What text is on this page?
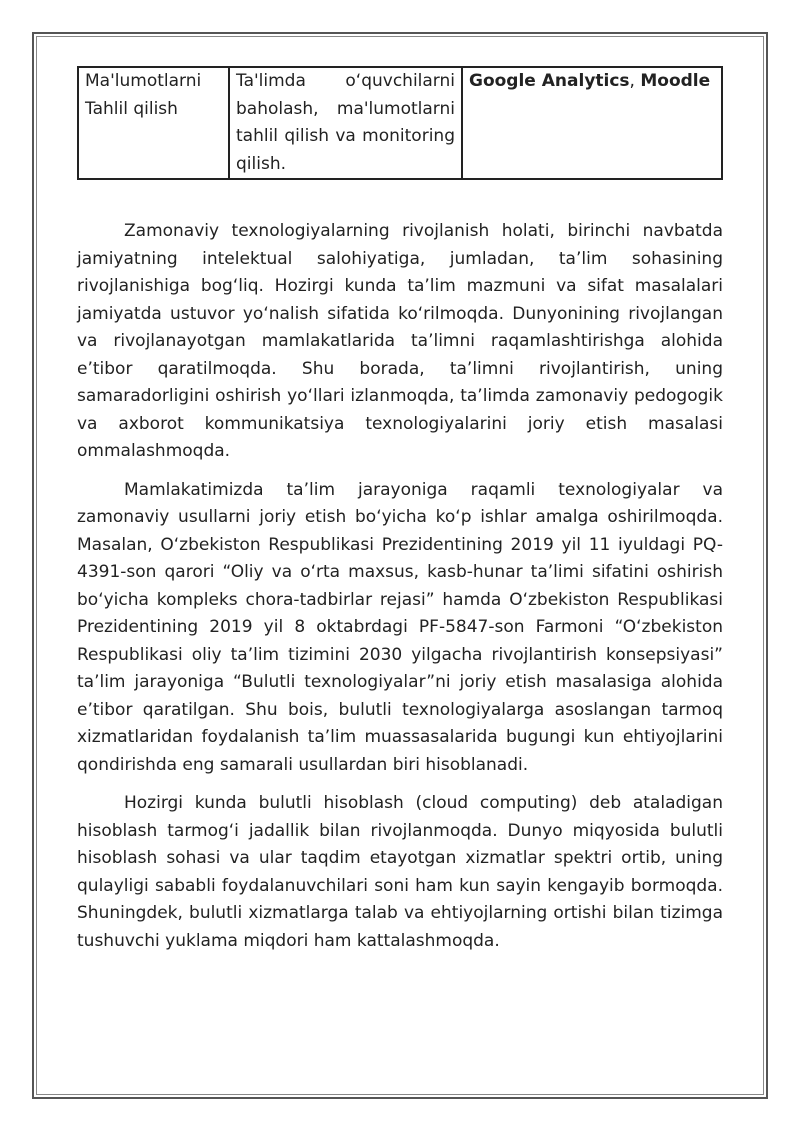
Ma'lumotlarni Tahlil qilish	Ta'limda o‘quvchilarni baholash, ma'lumotlarni tahlil qilish va monitoring qilish.	Google Analytics, Moodle

Zamonaviy texnologiyalarning rivojlanish holati, birinchi navbatda jamiyatning intelektual salohiyatiga, jumladan, ta’lim sohasining rivojlanishiga bog‘liq. Hozirgi kunda ta’lim mazmuni va sifat masalalari jamiyatda ustuvor yo‘nalish sifatida ko‘rilmoqda. Dunyonining rivojlangan va rivojlanayotgan mamlakatlarida ta’limni raqamlashtirishga alohida e’tibor qaratilmoqda. Shu borada, ta’limni rivojlantirish, uning samaradorligini oshirish yo‘llari izlanmoqda, ta’limda zamonaviy pedogogik va axborot kommunikatsiya texnologiyalarini joriy etish masalasi ommalashmoqda.

Mamlakatimizda ta’lim jarayoniga raqamli texnologiyalar va zamonaviy usullarni joriy etish bo‘yicha ko‘p ishlar amalga oshirilmoqda. Masalan, O‘zbekiston Respublikasi Prezidentining 2019 yil 11 iyuldagi PQ-4391-son qarori “Oliy va o‘rta maxsus, kasb-hunar ta’limi sifatini oshirish bo‘yicha kompleks chora-tadbirlar rejasi” hamda O‘zbekiston Respublikasi Prezidentining 2019 yil 8 oktabrdagi PF-5847-son Farmoni “O‘zbekiston Respublikasi oliy ta’lim tizimini 2030 yilgacha rivojlantirish konsepsiyasi” ta’lim jarayoniga “Bulutli texnologiyalar”ni joriy etish masalasiga alohida e’tibor qaratilgan. Shu bois, bulutli texnologiyalarga asoslangan tarmoq xizmatlaridan foydalanish ta’lim muassasalarida bugungi kun ehtiyojlarini qondirishda eng samarali usullardan biri hisoblanadi.

Hozirgi kunda bulutli hisoblash (cloud computing) deb ataladigan hisoblash tarmog‘i jadallik bilan rivojlanmoqda. Dunyo miqyosida bulutli hisoblash sohasi va ular taqdim etayotgan xizmatlar spektri ortib, uning qulayligi sababli foydalanuvchilari soni ham kun sayin kengayib bormoqda. Shuningdek, bulutli xizmatlarga talab va ehtiyojlarning ortishi bilan tizimga tushuvchi yuklama miqdori ham kattalashmoqda.
